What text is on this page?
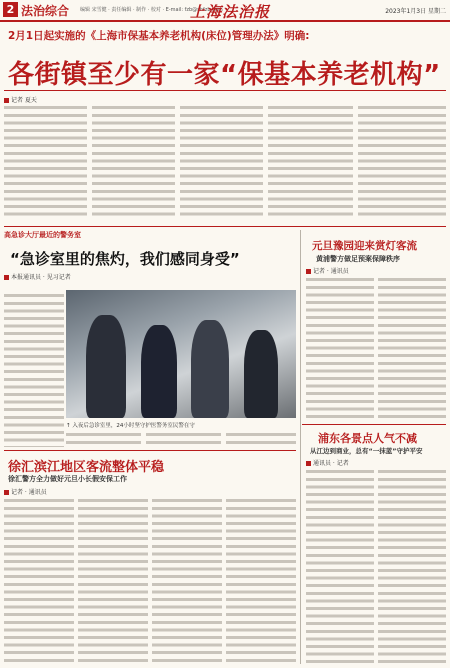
2 法治综合 编辑 宋雪健 · 责任编辑 · 制作 · 校对 · E-mail: fzb@shfzb.com
上海法治报	2023年1月3日 星期二
2月1日起实施的《上海市保基本养老机构(床位)管理办法》明确:
各街镇至少有一家“保基本养老机构”
记者 夏天
高急诊大厅最近的警务室
“急诊室里的焦灼，我们感同身受”
本报通讯员 · 见习记者
↑ 入夜后急诊室里，24小时坚守护医警务室民警在守
元旦豫园迎来赏灯客流
黄浦警方做足预案保障秩序
记者 · 通讯员
浦东各景点人气不减
从江边到商业，总有“一抹蓝”守护平安
通讯员 · 记者
徐汇滨江地区客流整体平稳
徐汇警方全力做好元旦小长假安保工作
记者 · 通讯员
